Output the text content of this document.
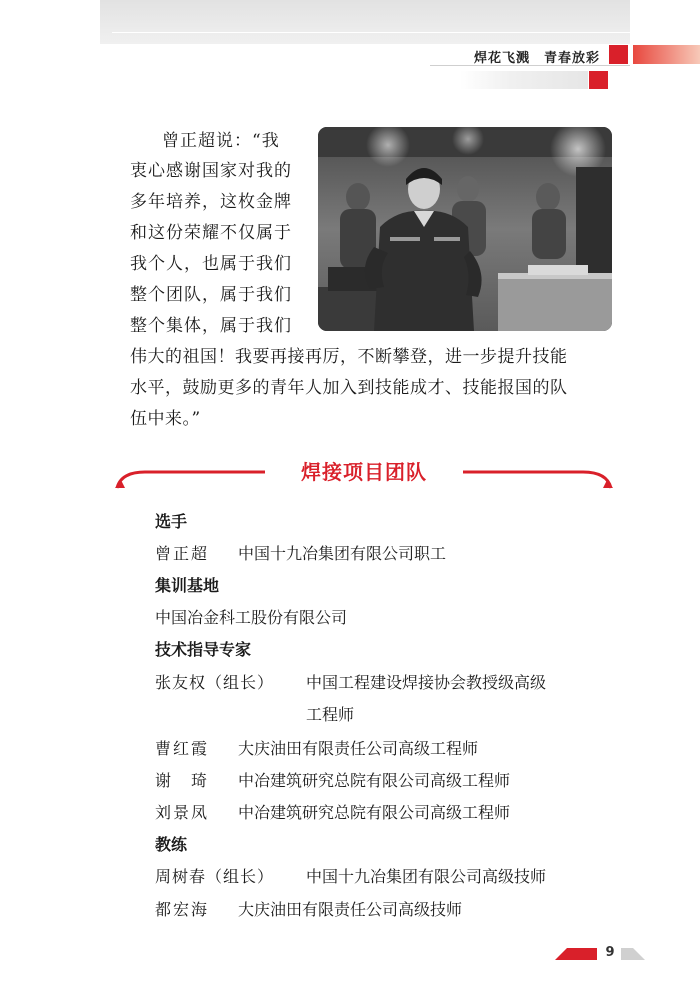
焊花飞溅　青春放彩
曾正超说：“我
衷心感谢国家对我的
多年培养，这枚金牌
和这份荣耀不仅属于
我个人，也属于我们
整个团队，属于我们
整个集体，属于我们
伟大的祖国！我要再接再厉，不断攀登，进一步提升技能
水平，鼓励更多的青年人加入到技能成才、技能报国的队
伍中来。”
焊接项目团队
选手
曾正超 中国十九冶集团有限公司职工
集训基地
中国冶金科工股份有限公司
技术指导专家
张友权（组长） 中国工程建设焊接协会教授级高级
工程师
曹红霞 大庆油田有限责任公司高级工程师
谢　琦 中冶建筑研究总院有限公司高级工程师
刘景凤 中冶建筑研究总院有限公司高级工程师
教练
周树春（组长） 中国十九冶集团有限公司高级技师
都宏海 大庆油田有限责任公司高级技师
9
